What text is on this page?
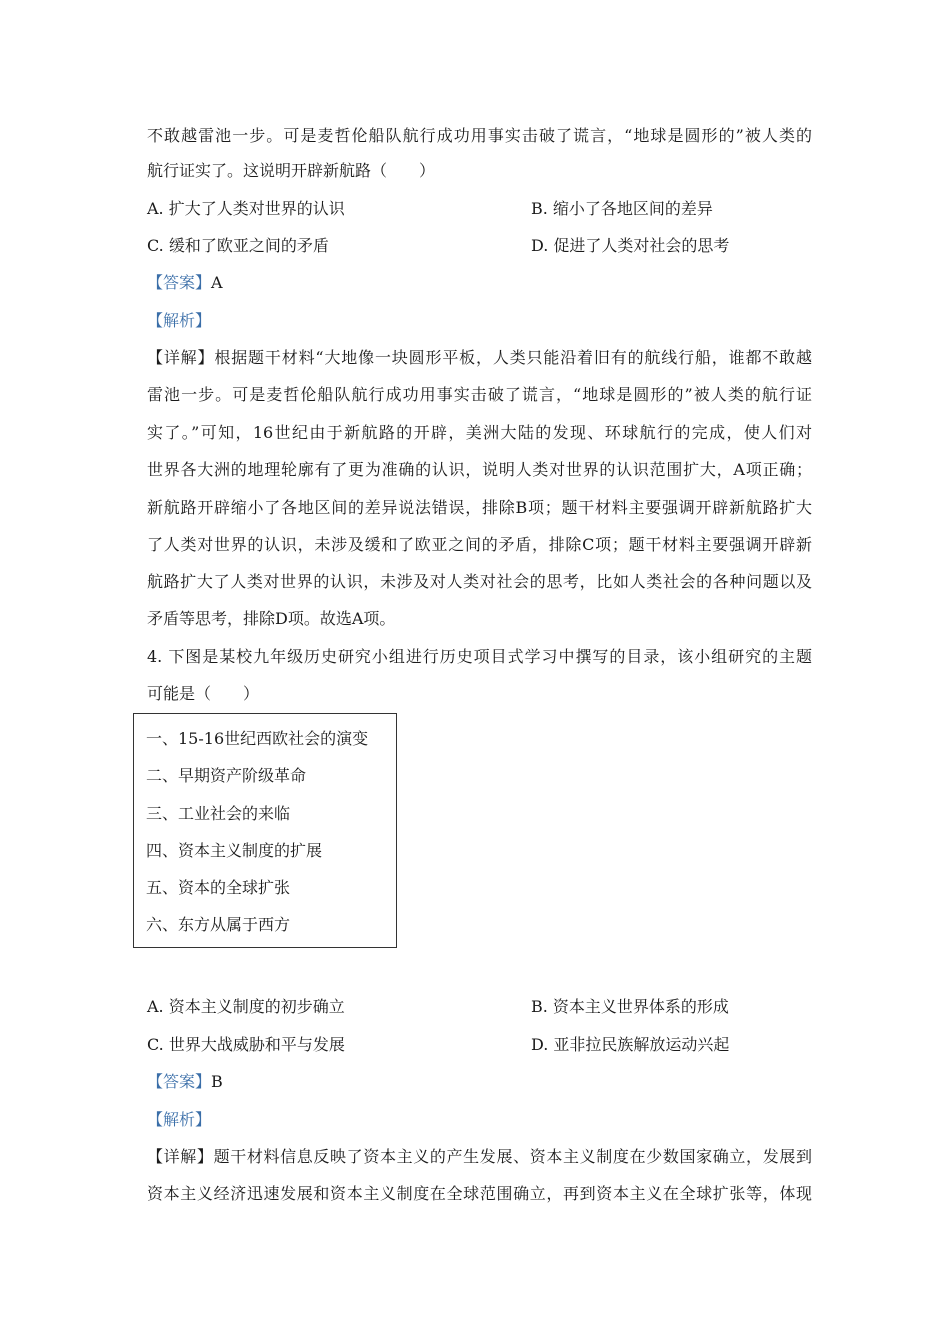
不敢越雷池一步。可是麦哲伦船队航行成功用事实击破了谎言，“地球是圆形的”被人类的
航行证实了。这说明开辟新航路（　　）
A. 扩大了人类对世界的认识	B. 缩小了各地区间的差异
C. 缓和了欧亚之间的矛盾	D. 促进了人类对社会的思考
【答案】A
【解析】
【详解】根据题干材料“大地像一块圆形平板，人类只能沿着旧有的航线行船，谁都不敢越
雷池一步。可是麦哲伦船队航行成功用事实击破了谎言，“地球是圆形的”被人类的航行证
实了。”可知，16世纪由于新航路的开辟，美洲大陆的发现、环球航行的完成，使人们对
世界各大洲的地理轮廓有了更为准确的认识，说明人类对世界的认识范围扩大，A项正确；
新航路开辟缩小了各地区间的差异说法错误，排除B项；题干材料主要强调开辟新航路扩大
了人类对世界的认识，未涉及缓和了欧亚之间的矛盾，排除C项；题干材料主要强调开辟新
航路扩大了人类对世界的认识，未涉及对人类对社会的思考，比如人类社会的各种问题以及
矛盾等思考，排除D项。故选A项。
4. 下图是某校九年级历史研究小组进行历史项目式学习中撰写的目录，该小组研究的主题
可能是（　　）
一、15-16世纪西欧社会的演变
二、早期资产阶级革命
三、工业社会的来临
四、资本主义制度的扩展
五、资本的全球扩张
六、东方从属于西方
A. 资本主义制度的初步确立	B. 资本主义世界体系的形成
C. 世界大战威胁和平与发展	D. 亚非拉民族解放运动兴起
【答案】B
【解析】
【详解】题干材料信息反映了资本主义的产生发展、资本主义制度在少数国家确立，发展到
资本主义经济迅速发展和资本主义制度在全球范围确立，再到资本主义在全球扩张等，体现
